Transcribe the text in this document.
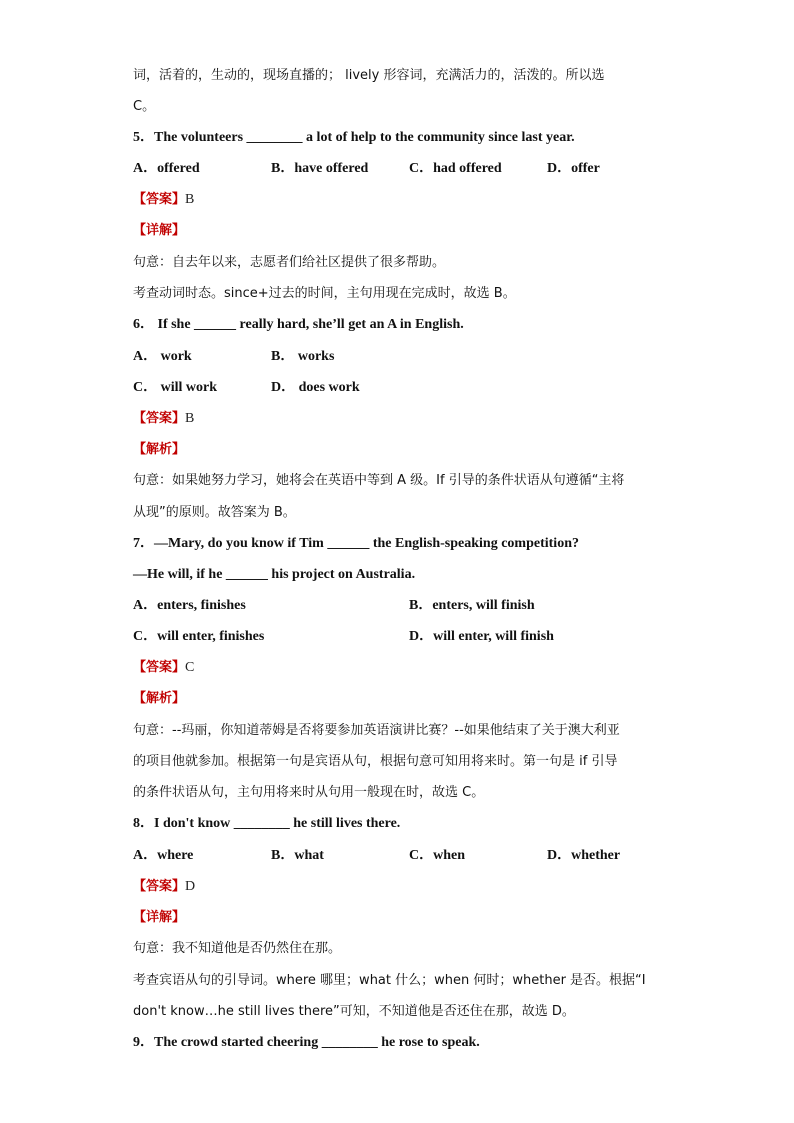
词，活着的，生动的，现场直播的； lively 形容词，充满活力的，活泼的。所以选
C。
5．The volunteers ________ a lot of help to the community since last year.
A．offered	B．have offered	C．had offered	D．offer
【答案】B
【详解】
句意：自去年以来，志愿者们给社区提供了很多帮助。
考查动词时态。since+过去的时间，主句用现在完成时，故选 B。
6． If she ______ really hard, she’ll get an A in English.
A． work	B． works
C． will work	D． does work
【答案】B
【解析】
句意：如果她努力学习，她将会在英语中等到 A 级。If 引导的条件状语从句遵循“主将
从现”的原则。故答案为 B。
7．—Mary, do you know if Tim ______ the English-speaking competition?
—He will, if he ______ his project on Australia.
A．enters, finishes	B．enters, will finish
C．will enter, finishes	D．will enter, will finish
【答案】C
【解析】
句意：--玛丽，你知道蒂姆是否将要参加英语演讲比赛？--如果他结束了关于澳大利亚
的项目他就参加。根据第一句是宾语从句，根据句意可知用将来时。第一句是 if 引导
的条件状语从句，主句用将来时从句用一般现在时，故选 C。
8．I don't know ________ he still lives there.
A．where	B．what	C．when	D．whether
【答案】D
【详解】
句意：我不知道他是否仍然住在那。
考查宾语从句的引导词。where 哪里；what 什么；when 何时；whether 是否。根据“I
don't know…he still lives there”可知，不知道他是否还住在那，故选 D。
9．The crowd started cheering ________ he rose to speak.
